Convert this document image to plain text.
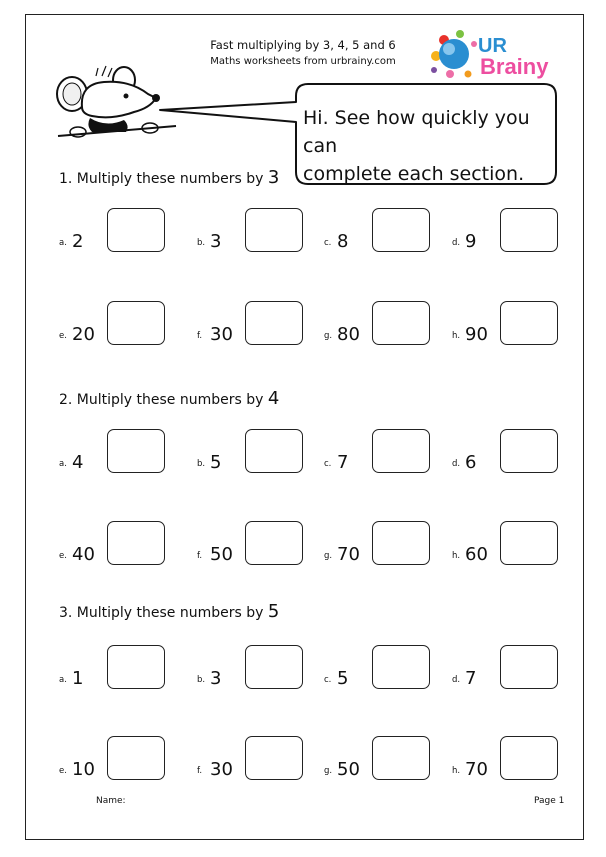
Fast multiplying by 3, 4, 5 and 6
Maths worksheets from urbrainy.com
UR
Brainy
Hi. See how quickly you can
complete each section.
1. Multiply these numbers by 3
a. 2	b. 3	c. 8	d. 9
e. 20	f. 30	g. 80	h. 90
2. Multiply these numbers by 4
a. 4	b. 5	c. 7	d. 6
e. 40	f. 50	g. 70	h. 60
3. Multiply these numbers by 5
a. 1	b. 3	c. 5	d. 7
e. 10	f. 30	g. 50	h. 70
Name:	Page 1
